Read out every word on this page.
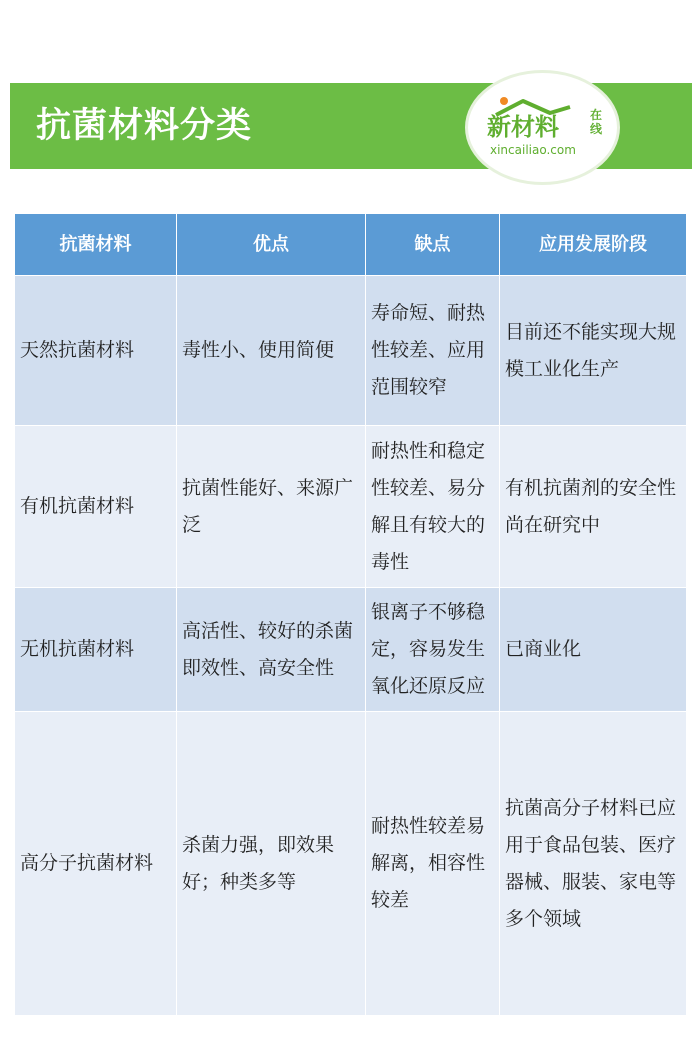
抗菌材料分类	新材料	在线
xincailiao.com
抗菌材料	优点	缺点	应用发展阶段
天然抗菌材料	毒性小、使用简便	寿命短、耐热性较差、应用范围较窄	目前还不能实现大规模工业化生产
有机抗菌材料	抗菌性能好、来源广泛	耐热性和稳定性较差、易分解且有较大的毒性	有机抗菌剂的安全性尚在研究中
无机抗菌材料	高活性、较好的杀菌即效性、高安全性	银离子不够稳定，容易发生氧化还原反应	已商业化
高分子抗菌材料	杀菌力强，即效果好；种类多等	耐热性较差易解离，相容性较差	抗菌高分子材料已应用于食品包装、医疗器械、服装、家电等多个领域
